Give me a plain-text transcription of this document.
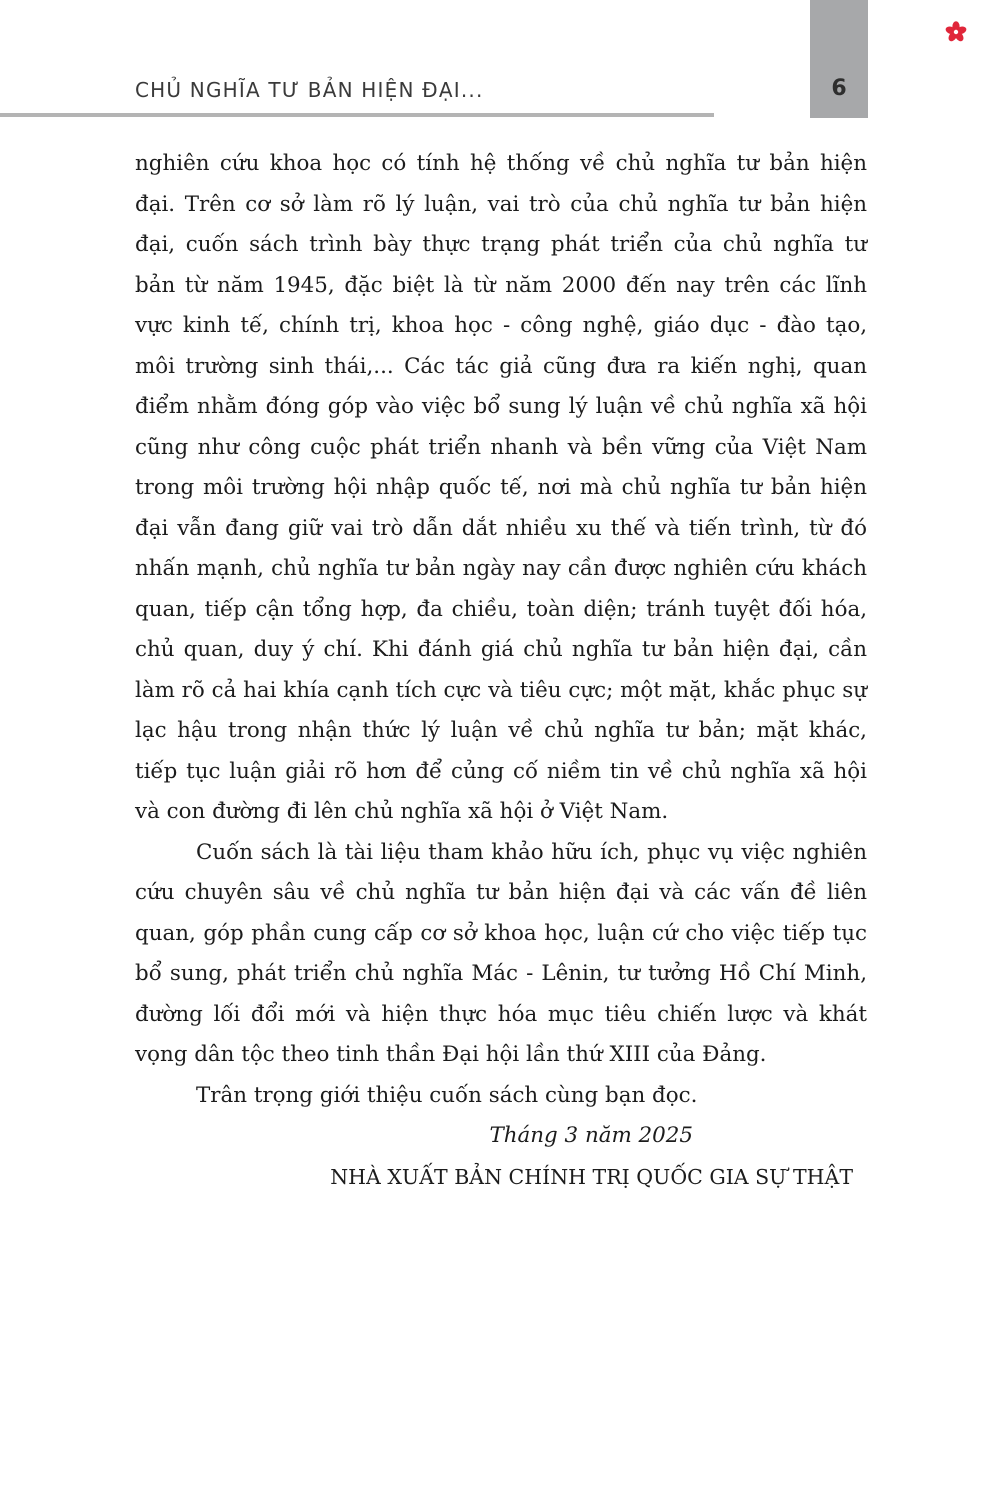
CHỦ NGHĨA TƯ BẢN HIỆN ĐẠI...	6

nghiên cứu khoa học có tính hệ thống về chủ nghĩa tư bản hiện đại. Trên cơ sở làm rõ lý luận, vai trò của chủ nghĩa tư bản hiện đại, cuốn sách trình bày thực trạng phát triển của chủ nghĩa tư bản từ năm 1945, đặc biệt là từ năm 2000 đến nay trên các lĩnh vực kinh tế, chính trị, khoa học - công nghệ, giáo dục - đào tạo, môi trường sinh thái,... Các tác giả cũng đưa ra kiến nghị, quan điểm nhằm đóng góp vào việc bổ sung lý luận về chủ nghĩa xã hội cũng như công cuộc phát triển nhanh và bền vững của Việt Nam trong môi trường hội nhập quốc tế, nơi mà chủ nghĩa tư bản hiện đại vẫn đang giữ vai trò dẫn dắt nhiều xu thế và tiến trình, từ đó nhấn mạnh, chủ nghĩa tư bản ngày nay cần được nghiên cứu khách quan, tiếp cận tổng hợp, đa chiều, toàn diện; tránh tuyệt đối hóa, chủ quan, duy ý chí. Khi đánh giá chủ nghĩa tư bản hiện đại, cần làm rõ cả hai khía cạnh tích cực và tiêu cực; một mặt, khắc phục sự lạc hậu trong nhận thức lý luận về chủ nghĩa tư bản; mặt khác, tiếp tục luận giải rõ hơn để củng cố niềm tin về chủ nghĩa xã hội và con đường đi lên chủ nghĩa xã hội ở Việt Nam.

Cuốn sách là tài liệu tham khảo hữu ích, phục vụ việc nghiên cứu chuyên sâu về chủ nghĩa tư bản hiện đại và các vấn đề liên quan, góp phần cung cấp cơ sở khoa học, luận cứ cho việc tiếp tục bổ sung, phát triển chủ nghĩa Mác - Lênin, tư tưởng Hồ Chí Minh, đường lối đổi mới và hiện thực hóa mục tiêu chiến lược và khát vọng dân tộc theo tinh thần Đại hội lần thứ XIII của Đảng.

Trân trọng giới thiệu cuốn sách cùng bạn đọc.

Tháng 3 năm 2025
NHÀ XUẤT BẢN CHÍNH TRỊ QUỐC GIA SỰ THẬT
